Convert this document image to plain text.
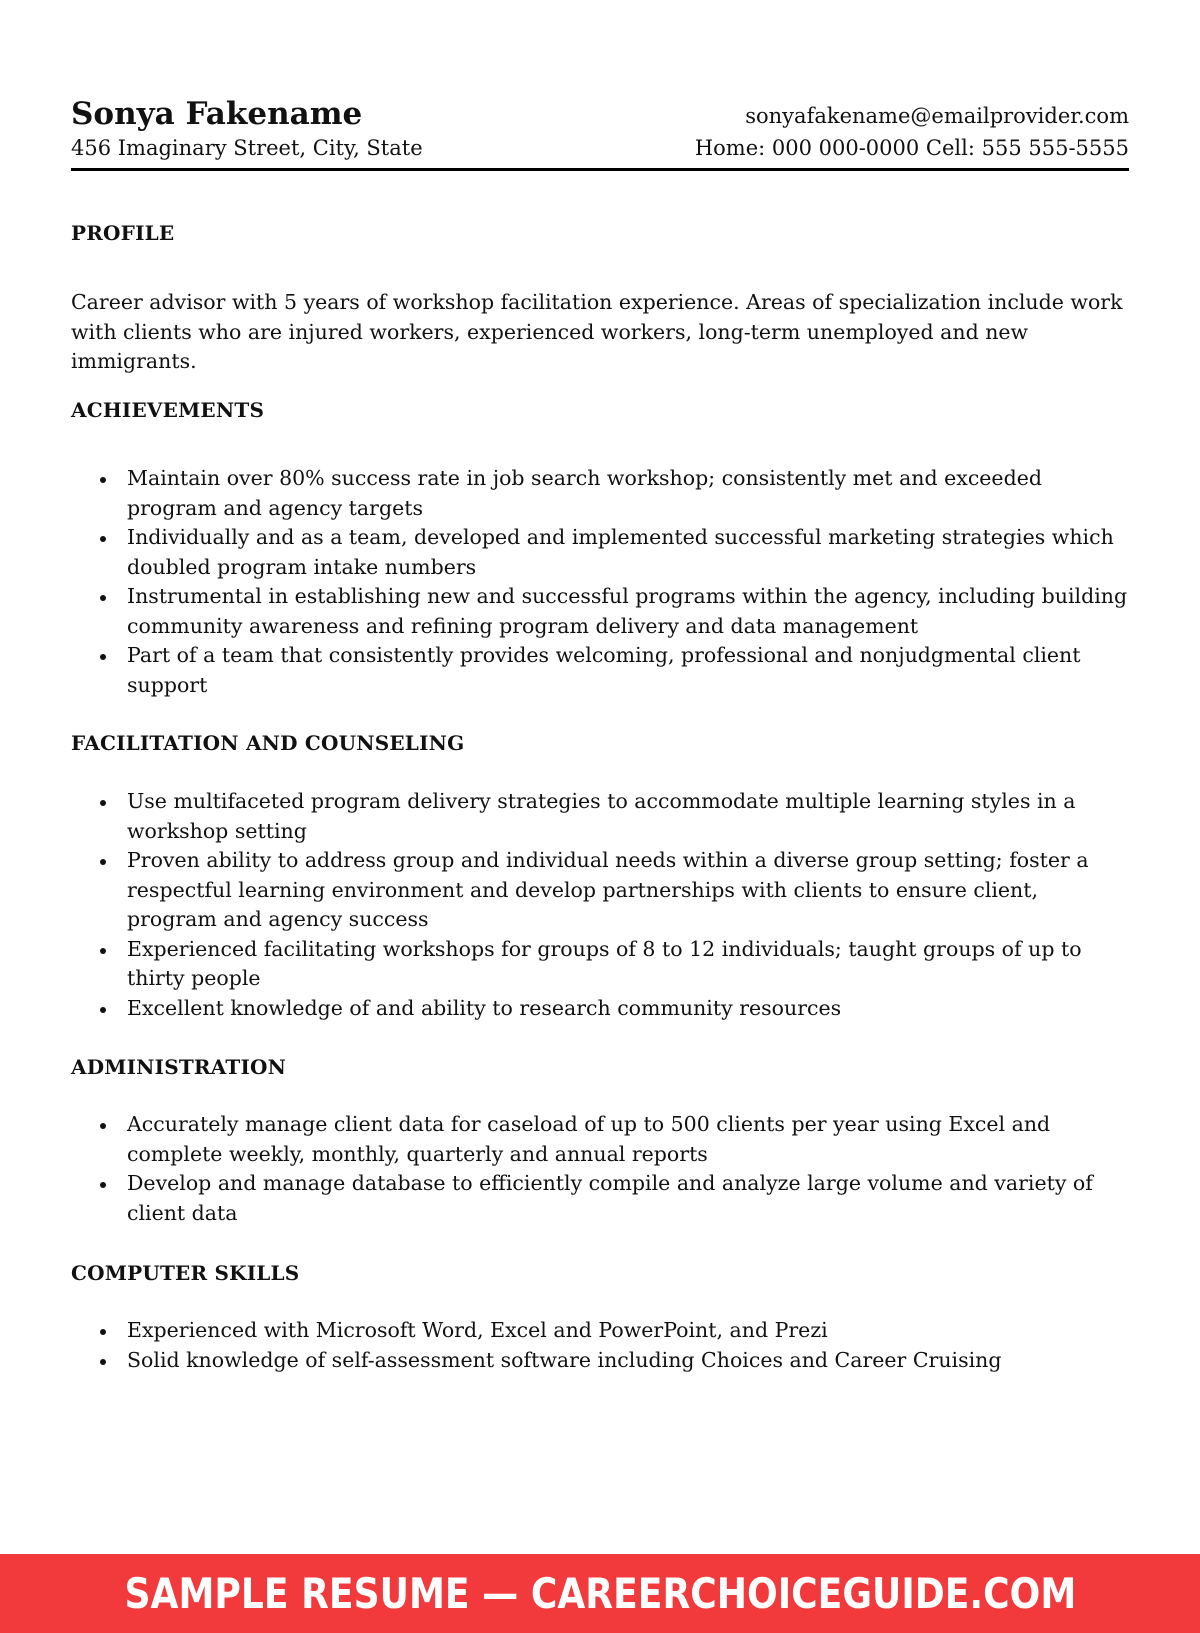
Sonya Fakename
456 Imaginary Street, City, State
sonyafakename@emailprovider.com
Home: 000 000-0000 Cell: 555 555-5555
PROFILE
Career advisor with 5 years of workshop facilitation experience. Areas of specialization include work with clients who are injured workers, experienced workers, long-term unemployed and new immigrants.
ACHIEVEMENTS
Maintain over 80% success rate in job search workshop; consistently met and exceeded program and agency targets
Individually and as a team, developed and implemented successful marketing strategies which doubled program intake numbers
Instrumental in establishing new and successful programs within the agency, including building community awareness and refining program delivery and data management
Part of a team that consistently provides welcoming, professional and nonjudgmental client support
FACILITATION AND COUNSELING
Use multifaceted program delivery strategies to accommodate multiple learning styles in a workshop setting
Proven ability to address group and individual needs within a diverse group setting; foster a respectful learning environment and develop partnerships with clients to ensure client, program and agency success
Experienced facilitating workshops for groups of 8 to 12 individuals; taught groups of up to thirty people
Excellent knowledge of and ability to research community resources
ADMINISTRATION
Accurately manage client data for caseload of up to 500 clients per year using Excel and complete weekly, monthly, quarterly and annual reports
Develop and manage database to efficiently compile and analyze large volume and variety of client data
COMPUTER SKILLS
Experienced with Microsoft Word, Excel and PowerPoint, and Prezi
Solid knowledge of self-assessment software including Choices and Career Cruising
SAMPLE RESUME — CAREERCHOICEGUIDE.COM
